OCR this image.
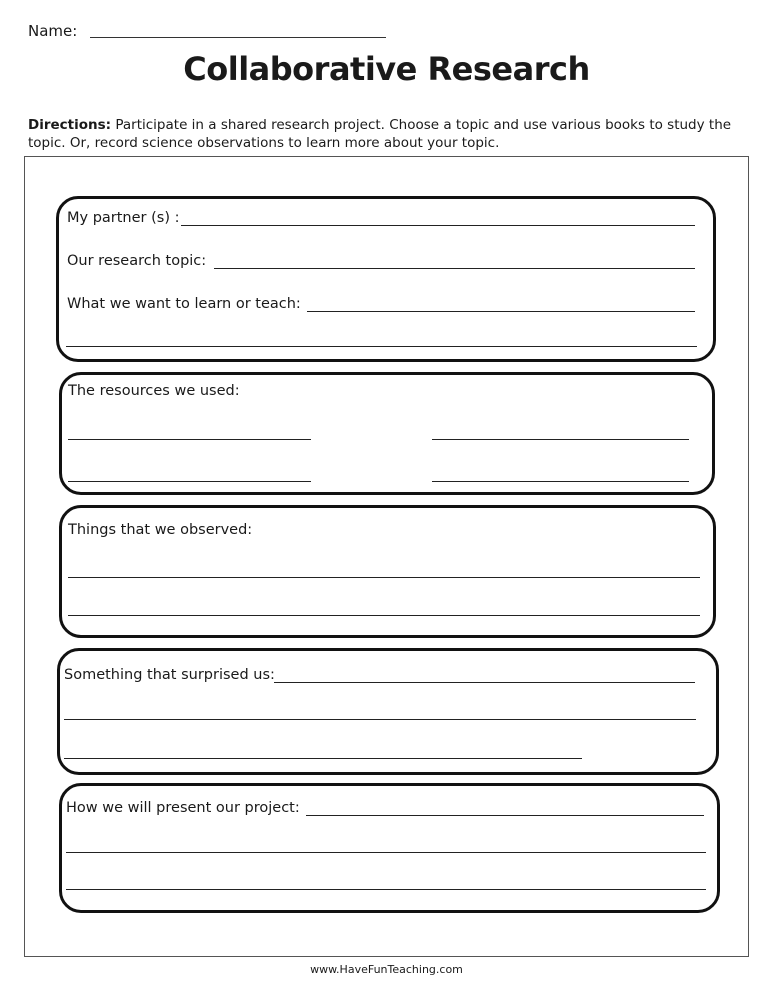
Name:
Collaborative Research
Directions: Participate in a shared research project. Choose a topic and use various books to study the topic. Or, record science observations to learn more about your topic.
My partner (s) :
Our research topic:
What we want to learn or teach:
The resources we used:
Things that we observed:
Something that surprised us:
How we will present our project:
www.HaveFunTeaching.com
